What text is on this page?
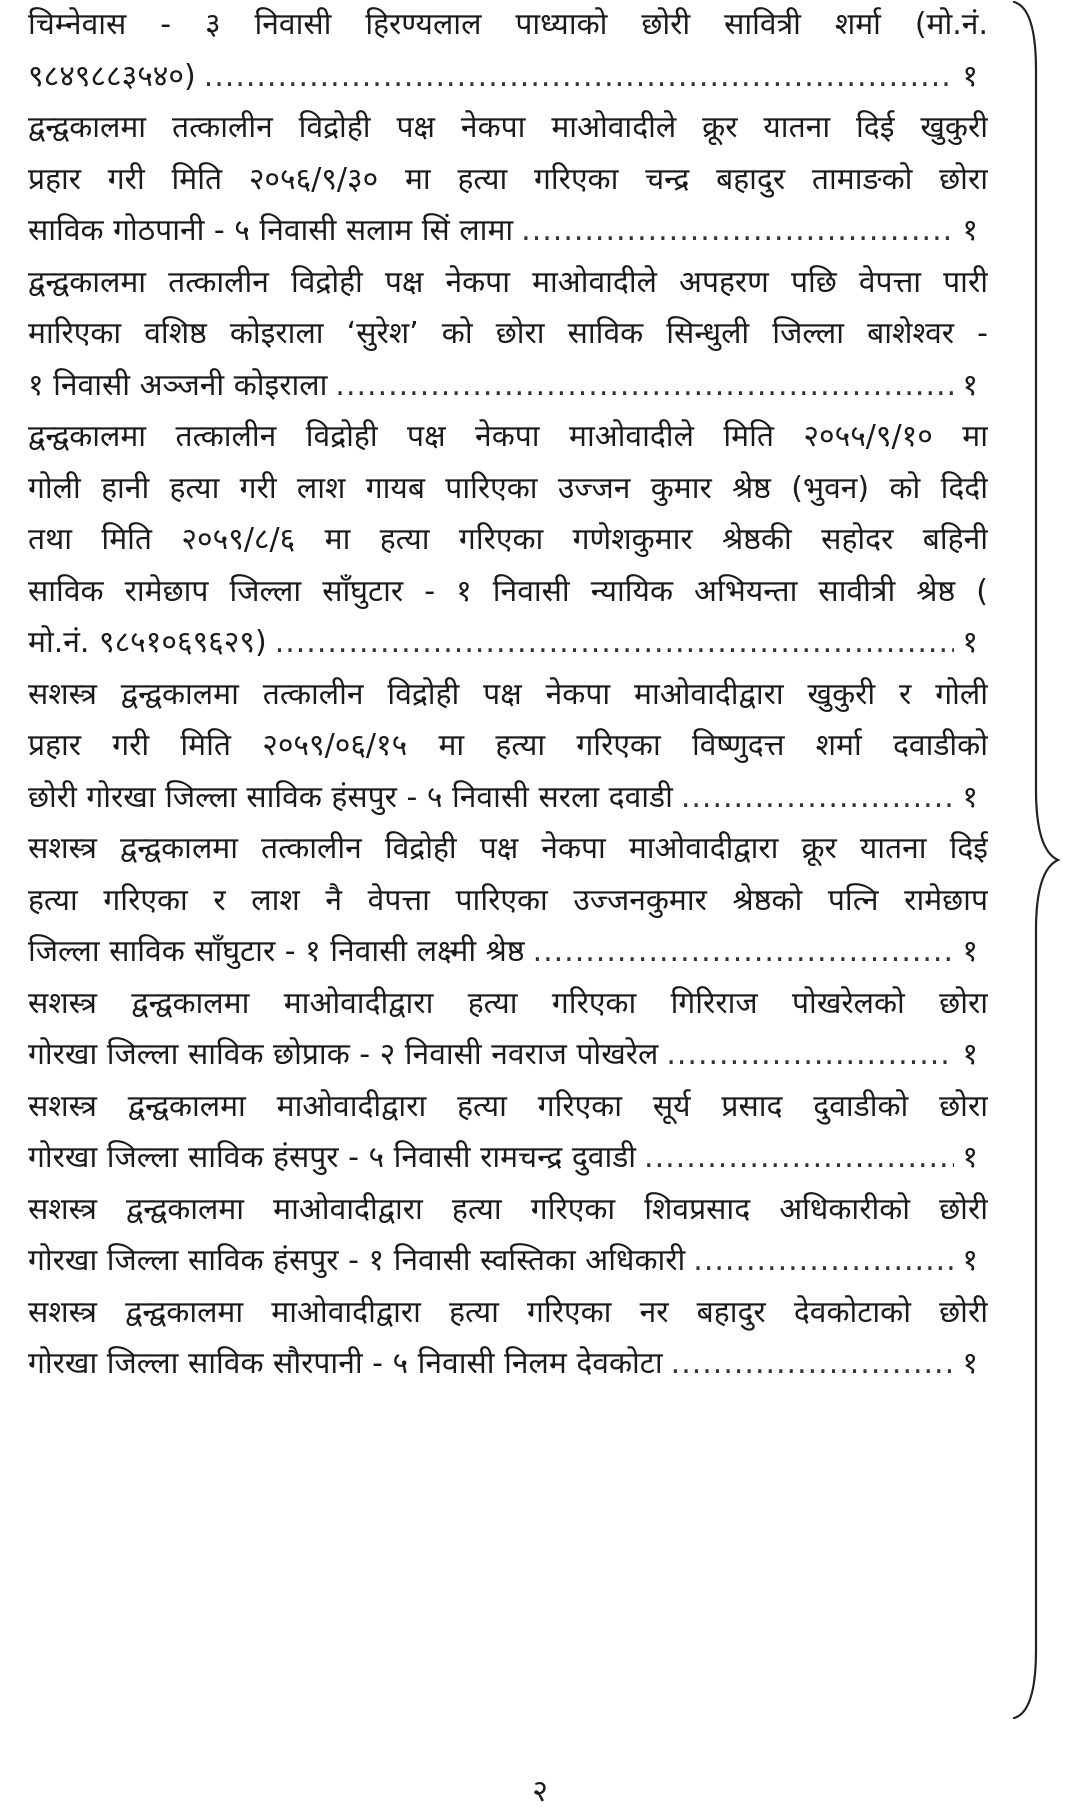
चिम्नेवास - ३ निवासी हिरण्यलाल पाध्याको छोरी सावित्री शर्मा (मो.नं.
९८४९८८३५४०) .....	१
द्वन्द्वकालमा तत्कालीन विद्रोही पक्ष नेकपा माओवादीले क्रूर यातना दिई खुकुरी
प्रहार गरी मिति २०५६/९/३० मा हत्या गरिएका चन्द्र बहादुर तामाङको छोरा
साविक गोठपानी - ५ निवासी सलाम सिं लामा .....	१
द्वन्द्वकालमा तत्कालीन विद्रोही पक्ष नेकपा माओवादीले अपहरण पछि वेपत्ता पारी
मारिएका वशिष्ठ कोइराला ‘सुरेश’ को छोरा साविक सिन्धुली जिल्ला बाशेश्वर -
१ निवासी अञ्जनी कोइराला .....	१
द्वन्द्वकालमा तत्कालीन विद्रोही पक्ष नेकपा माओवादीले मिति २०५५/९/१० मा
गोली हानी हत्या गरी लाश गायब पारिएका उज्जन कुमार श्रेष्ठ (भुवन) को दिदी
तथा मिति २०५९/८/६ मा हत्या गरिएका गणेशकुमार श्रेष्ठकी सहोदर बहिनी
साविक रामेछाप जिल्ला साँघुटार - १ निवासी न्यायिक अभियन्ता सावीत्री श्रेष्ठ (
मो.नं. ९८५१०६९६२९) .....	१
सशस्त्र द्वन्द्वकालमा तत्कालीन विद्रोही पक्ष नेकपा माओवादीद्वारा खुकुरी र गोली
प्रहार गरी मिति २०५९/०६/१५ मा हत्या गरिएका विष्णुदत्त शर्मा दवाडीको
छोरी गोरखा जिल्ला साविक हंसपुर - ५ निवासी सरला दवाडी .....	१
सशस्त्र द्वन्द्वकालमा तत्कालीन विद्रोही पक्ष नेकपा माओवादीद्वारा क्रूर यातना दिई
हत्या गरिएका र लाश नै वेपत्ता पारिएका उज्जनकुमार श्रेष्ठको पत्नि रामेछाप
जिल्ला साविक साँघुटार - १ निवासी लक्ष्मी श्रेष्ठ .....	१
सशस्त्र द्वन्द्वकालमा माओवादीद्वारा हत्या गरिएका गिरिराज पोखरेलको छोरा
गोरखा जिल्ला साविक छोप्राक - २ निवासी नवराज पोखरेल .....	१
सशस्त्र द्वन्द्वकालमा माओवादीद्वारा हत्या गरिएका सूर्य प्रसाद दुवाडीको छोरा
गोरखा जिल्ला साविक हंसपुर - ५ निवासी रामचन्द्र दुवाडी .....	१
सशस्त्र द्वन्द्वकालमा माओवादीद्वारा हत्या गरिएका शिवप्रसाद अधिकारीको छोरी
गोरखा जिल्ला साविक हंसपुर - १ निवासी स्वस्तिका अधिकारी .....	१
सशस्त्र द्वन्द्वकालमा माओवादीद्वारा हत्या गरिएका नर बहादुर देवकोटाको छोरी
गोरखा जिल्ला साविक सौरपानी - ५ निवासी निलम देवकोटा .....	१
२
